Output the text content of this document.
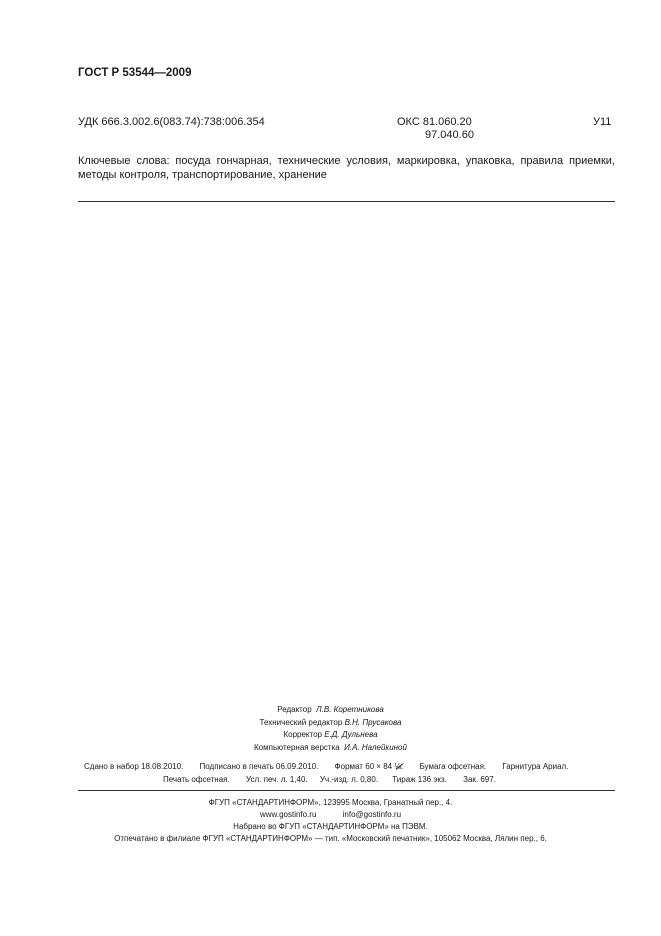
ГОСТ Р 53544—2009
УДК 666.3.002.6(083.74):738:006.354	ОКС 81.060.20
97.040.60
У11
Ключевые слова: посуда гончарная, технические условия, маркировка, упаковка, правила приемки, методы контроля, транспортирование, хранение
Редактор Л.В. Коретникова
Технический редактор В.Н. Прусакова
Корректор Е.Д. Дульнева
Компьютерная верстка И.А. Налейкиной
Сдано в набор 18.08.2010. Подписано в печать 06.09.2010. Формат 60 × 84 ⅛. Бумага офсетная. Гарнитура Ариал.
Печать офсетная. Усл. печ. л. 1,40. Уч.-изд. л. 0,80. Тираж 136 экз. Зак. 697.
ФГУП «СТАНДАРТИНФОРМ», 123995 Москва, Гранатный пер., 4.
www.gostinfo.ru	info@gostinfo.ru
Набрано во ФГУП «СТАНДАРТИНФОРМ» на ПЭВМ.
Отпечатано в филиале ФГУП «СТАНДАРТИНФОРМ» — тип. «Московский печатник», 105062 Москва, Лялин пер., 6.
